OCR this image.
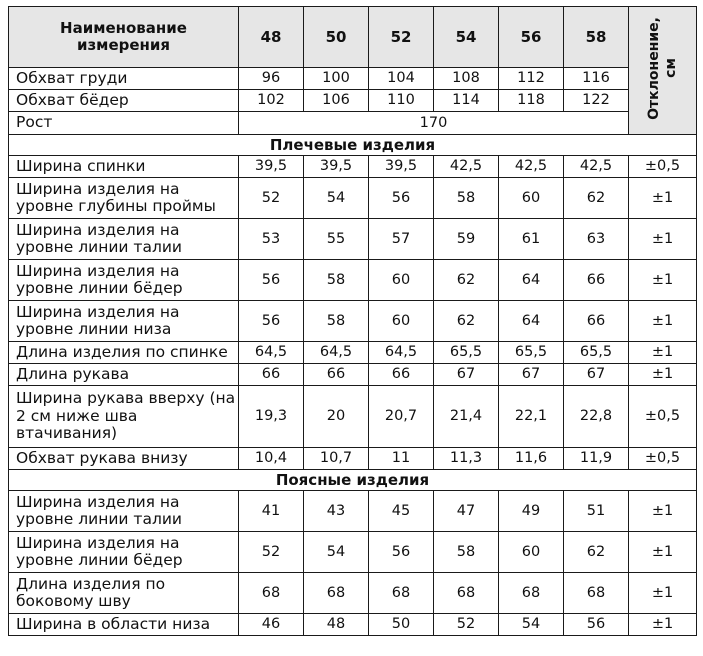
Наименование
измерения	48	50	52	54	56	58	Отклонение,
см
Обхват груди	96	100	104	108	112	116	
Обхват бёдер	102	106	110	114	118	122	
Рост	170						
Плечевые изделия							
Ширина спинки	39,5	39,5	39,5	42,5	42,5	42,5	±0,5
Ширина изделия на уровне глубины проймы	52	54	56	58	60	62	±1
Ширина изделия на уровне линии талии	53	55	57	59	61	63	±1
Ширина изделия на уровне линии бёдер	56	58	60	62	64	66	±1
Ширина изделия на уровне линии низа	56	58	60	62	64	66	±1
Длина изделия по спинке	64,5	64,5	64,5	65,5	65,5	65,5	±1
Длина рукава	66	66	66	67	67	67	±1
Ширина рукава вверху (на 2 см ниже шва втачивания)	19,3	20	20,7	21,4	22,1	22,8	±0,5
Обхват рукава внизу	10,4	10,7	11	11,3	11,6	11,9	±0,5
Поясные изделия							
Ширина изделия на уровне линии талии	41	43	45	47	49	51	±1
Ширина изделия на уровне линии бёдер	52	54	56	58	60	62	±1
Длина изделия по боковому шву	68	68	68	68	68	68	±1
Ширина в области низа	46	48	50	52	54	56	±1
